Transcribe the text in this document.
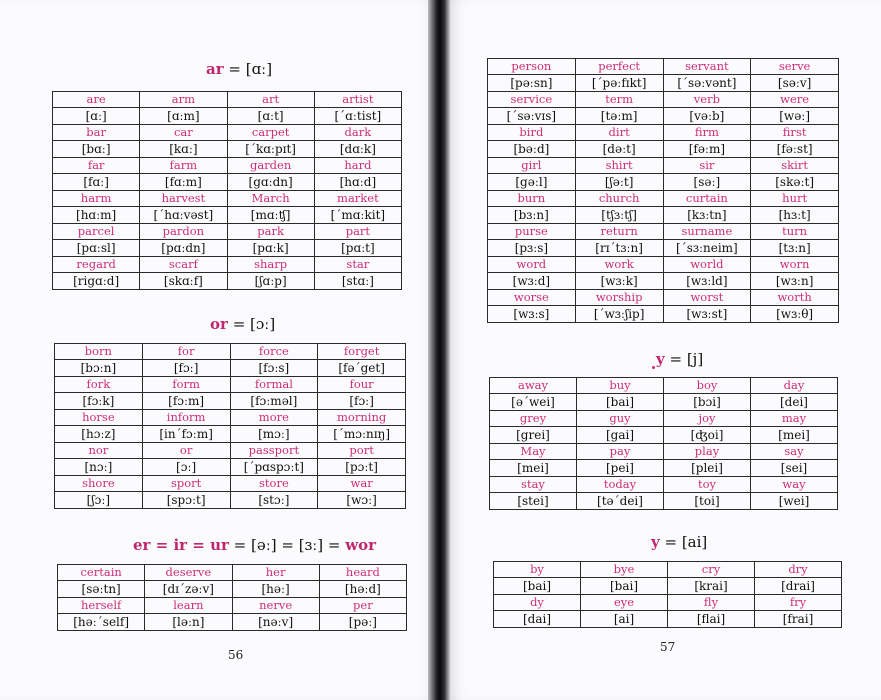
ar = [ɑː]
are	arm	art	artist
[ɑː]	[ɑːm]	[ɑːt]	[ˊɑːtist]
bar	car	carpet	dark
[bɑː]	[kɑː]	[ˊkɑːpɪt]	[dɑːk]
far	farm	garden	hard
[fɑː]	[fɑːm]	[gɑːdn]	[hɑːd]
harm	harvest	March	market
[hɑːm]	[ˊhɑːvəst]	[mɑːʧ]	[ˊmɑːkit]
parcel	pardon	park	part
[pɑːsl]	[pɑːdn]	[pɑːk]	[pɑːt]
regard	scarf	sharp	star
[rigɑːd]	[skɑːf]	[ʃɑːp]	[stɑː]
or = [ɔː]
born	for	force	forget
[bɔːn]	[fɔː]	[fɔːs]	[fəˊget]
fork	form	formal	four
[fɔːk]	[fɔːm]	[fɔːməl]	[fɔː]
horse	inform	more	morning
[hɔːz]	[inˊfɔːm]	[mɔː]	[ˊmɔːnɪŋ]
nor	or	passport	port
[nɔː]	[ɔː]	[ˊpɑspɔːt]	[pɔːt]
shore	sport	store	war
[ʃɔː]	[spɔːt]	[stɔː]	[wɔː]
er = ir = ur = [əː] = [ɜː] = wor
certain	deserve	her	heard
[səːtn]	[dɪˊzəːv]	[həː]	[həːd]
herself	learn	nerve	per
[həːˊself]	[ləːn]	[nəːv]	[pəː]
56
person	perfect	servant	serve
[pəːsn]	[ˊpəːfɪkt]	[ˊsəːvənt]	[səːv]
service	term	verb	were
[ˊsəːvɪs]	[təːm]	[vəːb]	[wəː]
bird	dirt	firm	first
[bəːd]	[dəːt]	[fəːm]	[fəːst]
girl	shirt	sir	skirt
[gəːl]	[ʃəːt]	[səː]	[skəːt]
burn	church	curtain	hurt
[bɜːn]	[tʃɜːtʃ]	[kɜːtn]	[hɜːt]
purse	return	surname	turn
[pɜːs]	[rɪˊtɜːn]	[ˊsɜːneim]	[tɜːn]
word	work	world	worn
[wɜːd]	[wɜːk]	[wɜːld]	[wɜːn]
worse	worship	worst	worth
[wɜːs]	[ˊwɜːʃip]	[wɜːst]	[wɜːθ]
y = [j]
away	buy	boy	day
[əˊwei]	[bai]	[bɔi]	[dei]
grey	guy	joy	may
[grei]	[gai]	[ʤoi]	[mei]
May	pay	play	say
[mei]	[pei]	[plei]	[sei]
stay	today	toy	way
[stei]	[təˊdei]	[toi]	[wei]
y = [ai]
by	bye	cry	dry
[bai]	[bai]	[krai]	[drai]
dy	eye	fly	fry
[dai]	[ai]	[flai]	[frai]
57
